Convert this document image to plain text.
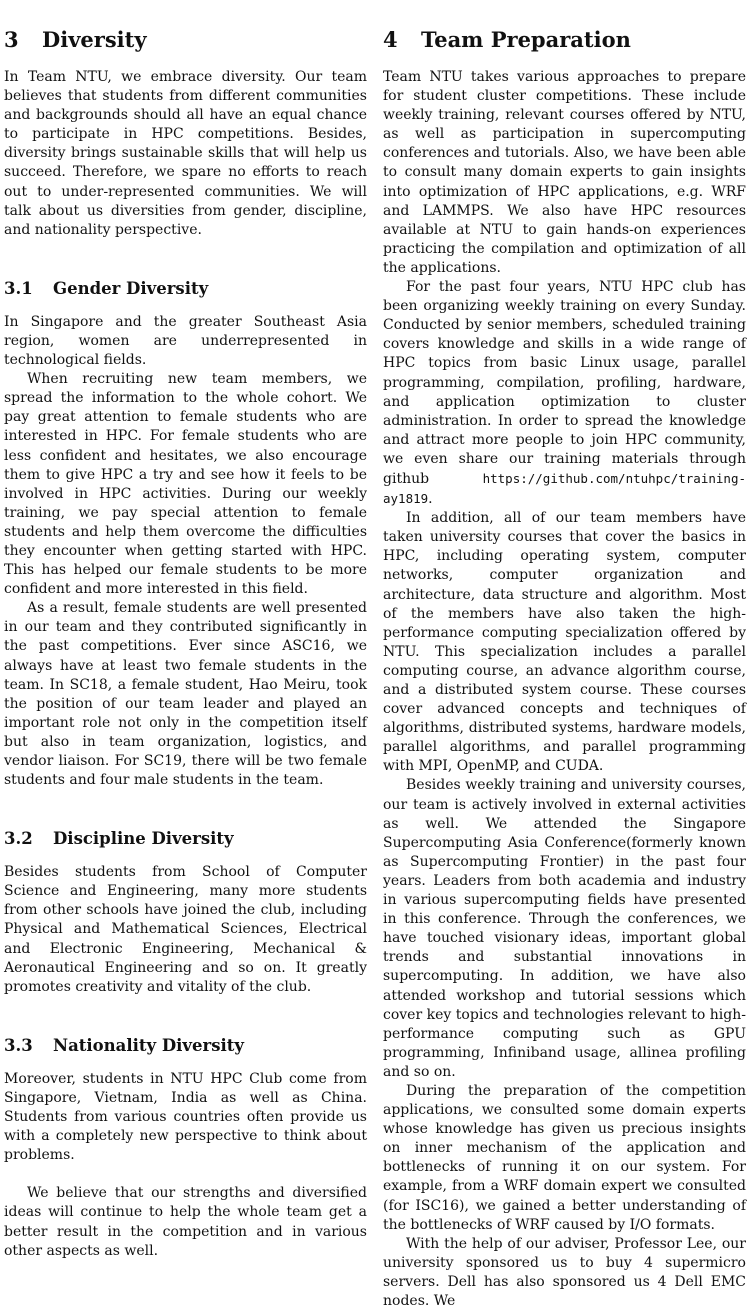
3 Diversity

In Team NTU, we embrace diversity. Our team believes that students from different communities and backgrounds should all have an equal chance to participate in HPC competitions. Besides, diversity brings sustainable skills that will help us succeed. Therefore, we spare no efforts to reach out to under-represented communities. We will talk about us diversities from gender, discipline, and nationality perspective.

3.1 Gender Diversity

In Singapore and the greater Southeast Asia region, women are underrepresented in technological fields.

When recruiting new team members, we spread the information to the whole cohort. We pay great attention to female students who are interested in HPC. For female students who are less confident and hesitates, we also encourage them to give HPC a try and see how it feels to be involved in HPC activities. During our weekly training, we pay special attention to female students and help them overcome the difficulties they encounter when getting started with HPC. This has helped our female students to be more confident and more interested in this field.

As a result, female students are well presented in our team and they contributed significantly in the past competitions. Ever since ASC16, we always have at least two female students in the team. In SC18, a female student, Hao Meiru, took the position of our team leader and played an important role not only in the competition itself but also in team organization, logistics, and vendor liaison. For SC19, there will be two female students and four male students in the team.

3.2 Discipline Diversity

Besides students from School of Computer Science and Engineering, many more students from other schools have joined the club, including Physical and Mathematical Sciences, Electrical and Electronic Engineering, Mechanical & Aeronautical Engineering and so on. It greatly promotes creativity and vitality of the club.

3.3 Nationality Diversity

Moreover, students in NTU HPC Club come from Singapore, Vietnam, India as well as China. Students from various countries often provide us with a completely new perspective to think about problems.

We believe that our strengths and diversified ideas will continue to help the whole team get a better result in the competition and in various other aspects as well.

4 Team Preparation

Team NTU takes various approaches to prepare for student cluster competitions. These include weekly training, relevant courses offered by NTU, as well as participation in supercomputing conferences and tutorials. Also, we have been able to consult many domain experts to gain insights into optimization of HPC applications, e.g. WRF and LAMMPS. We also have HPC resources available at NTU to gain hands-on experiences practicing the compilation and optimization of all the applications.

For the past four years, NTU HPC club has been organizing weekly training on every Sunday. Conducted by senior members, scheduled training covers knowledge and skills in a wide range of HPC topics from basic Linux usage, parallel programming, compilation, profiling, hardware, and application optimization to cluster administration. In order to spread the knowledge and attract more people to join HPC community, we even share our training materials through github https://github.com/ntuhpc/training-ay1819.

In addition, all of our team members have taken university courses that cover the basics in HPC, including operating system, computer networks, computer organization and architecture, data structure and algorithm. Most of the members have also taken the high-performance computing specialization offered by NTU. This specialization includes a parallel computing course, an advance algorithm course, and a distributed system course. These courses cover advanced concepts and techniques of algorithms, distributed systems, hardware models, parallel algorithms, and parallel programming with MPI, OpenMP, and CUDA.

Besides weekly training and university courses, our team is actively involved in external activities as well. We attended the Singapore Supercomputing Asia Conference(formerly known as Supercomputing Frontier) in the past four years. Leaders from both academia and industry in various supercomputing fields have presented in this conference. Through the conferences, we have touched visionary ideas, important global trends and substantial innovations in supercomputing. In addition, we have also attended workshop and tutorial sessions which cover key topics and technologies relevant to high-performance computing such as GPU programming, Infiniband usage, allinea profiling and so on.

During the preparation of the competition applications, we consulted some domain experts whose knowledge has given us precious insights on inner mechanism of the application and bottlenecks of running it on our system. For example, from a WRF domain expert we consulted (for ISC16), we gained a better understanding of the bottlenecks of WRF caused by I/O formats.

With the help of our adviser, Professor Lee, our university sponsored us to buy 4 supermicro servers. Dell has also sponsored us 4 Dell EMC nodes. We
